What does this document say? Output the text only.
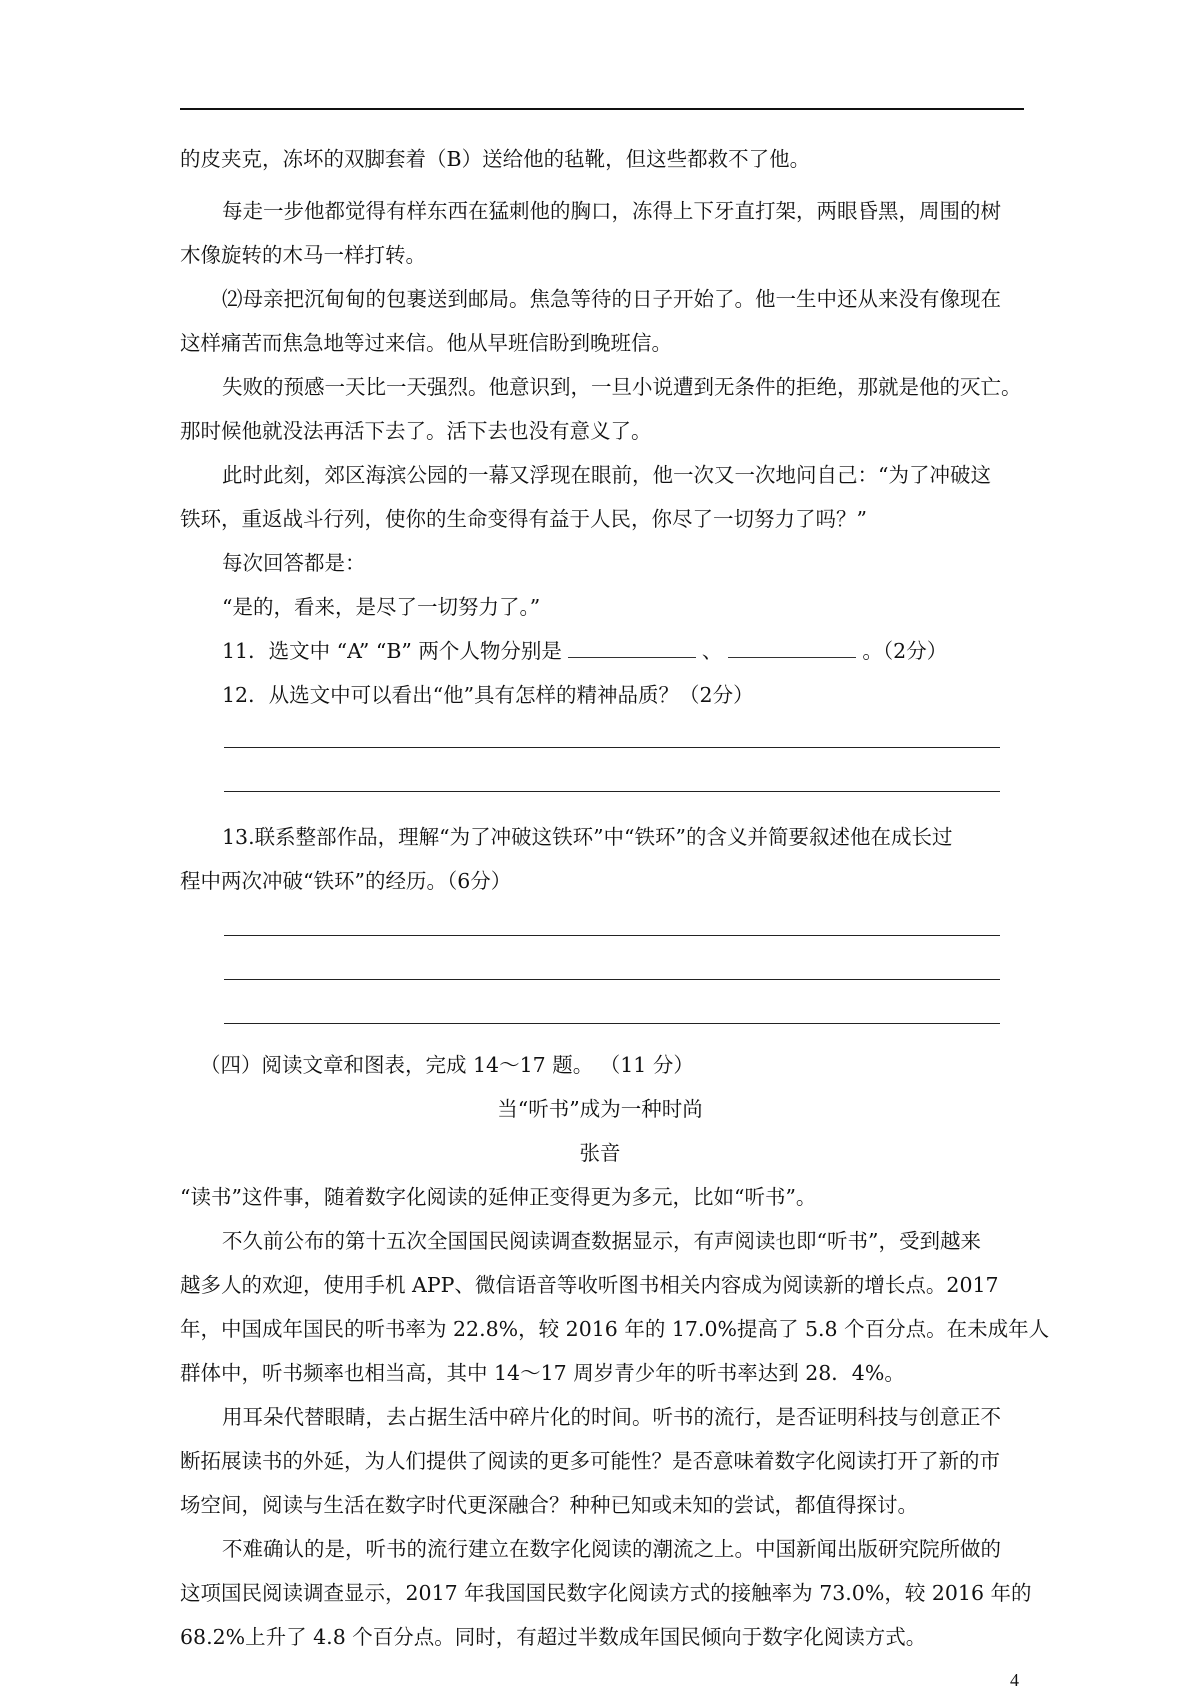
的皮夹克，冻坏的双脚套着（B）送给他的毡靴，但这些都救不了他。
每走一步他都觉得有样东西在猛刺他的胸口，冻得上下牙直打架，两眼昏黑，周围的树
木像旋转的木马一样打转。
⑵母亲把沉甸甸的包裹送到邮局。焦急等待的日子开始了。他一生中还从来没有像现在
这样痛苦而焦急地等过来信。他从早班信盼到晚班信。
失败的预感一天比一天强烈。他意识到，一旦小说遭到无条件的拒绝，那就是他的灭亡。
那时候他就没法再活下去了。活下去也没有意义了。
此时此刻，郊区海滨公园的一幕又浮现在眼前，他一次又一次地问自己：“为了冲破这
铁环，重返战斗行列，使你的生命变得有益于人民，你尽了一切努力了吗？”
每次回答都是：
“是的，看来，是尽了一切努力了。”
11．选文中 “A” “B” 两个人物分别是	、	。（2分）
12．从选文中可以看出“他”具有怎样的精神品质？（2分）
13.联系整部作品，理解“为了冲破这铁环”中“铁环”的含义并简要叙述他在成长过
程中两次冲破“铁环”的经历。（6分）
（四）阅读文章和图表，完成 14～17 题。 （11 分）
当“听书”成为一种时尚
张音
“读书”这件事，随着数字化阅读的延伸正变得更为多元，比如“听书”。
不久前公布的第十五次全国国民阅读调查数据显示，有声阅读也即“听书”，受到越来
越多人的欢迎，使用手机 APP、微信语音等收听图书相关内容成为阅读新的增长点。2017
年，中国成年国民的听书率为 22.8%，较 2016 年的 17.0%提高了 5.8 个百分点。在未成年人
群体中，听书频率也相当高，其中 14～17 周岁青少年的听书率达到 28．4%。
用耳朵代替眼睛，去占据生活中碎片化的时间。听书的流行，是否证明科技与创意正不
断拓展读书的外延，为人们提供了阅读的更多可能性？是否意味着数字化阅读打开了新的市
场空间，阅读与生活在数字时代更深融合？种种已知或未知的尝试，都值得探讨。
不难确认的是，听书的流行建立在数字化阅读的潮流之上。中国新闻出版研究院所做的
这项国民阅读调查显示，2017 年我国国民数字化阅读方式的接触率为 73.0%，较 2016 年的
68.2%上升了 4.8 个百分点。同时，有超过半数成年国民倾向于数字化阅读方式。
4
